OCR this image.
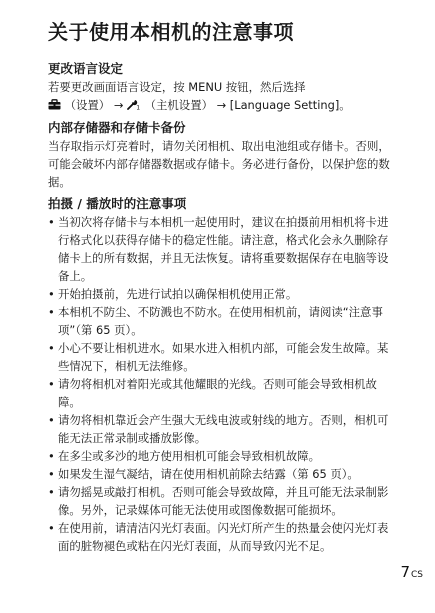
关于使用本相机的注意事项
更改语言设定

若要更改画面语言设定，按 MENU 按钮，然后选择

（设置） → 1 （主机设置） → [Language Setting]。
内部存储器和存储卡备份

当存取指示灯亮着时，请勿关闭相机、取出电池组或存储卡。否则，可能会破坏内部存储器数据或存储卡。务必进行备份，以保护您的数据。

拍摄 / 播放时的注意事项
• 当初次将存储卡与本相机一起使用时，建议在拍摄前用相机将卡进行格式化以获得存储卡的稳定性能。请注意，格式化会永久删除存储卡上的所有数据，并且无法恢复。请将重要数据保存在电脑等设备上。
• 开始拍摄前，先进行试拍以确保相机使用正常。
• 本相机不防尘、不防溅也不防水。在使用相机前，请阅读“注意事项”（第 65 页）。
• 小心不要让相机进水。如果水进入相机内部，可能会发生故障。某些情况下，相机无法维修。
• 请勿将相机对着阳光或其他耀眼的光线。否则可能会导致相机故障。
• 请勿将相机靠近会产生强大无线电波或射线的地方。否则，相机可能无法正常录制或播放影像。
• 在多尘或多沙的地方使用相机可能会导致相机故障。
• 如果发生湿气凝结，请在使用相机前除去结露（第 65 页）。
• 请勿摇晃或敲打相机。否则可能会导致故障，并且可能无法录制影像。另外，记录媒体可能无法使用或图像数据可能损坏。
• 在使用前，请清洁闪光灯表面。闪光灯所产生的热量会使闪光灯表面的脏物褪色或粘在闪光灯表面，从而导致闪光不足。
7CS
